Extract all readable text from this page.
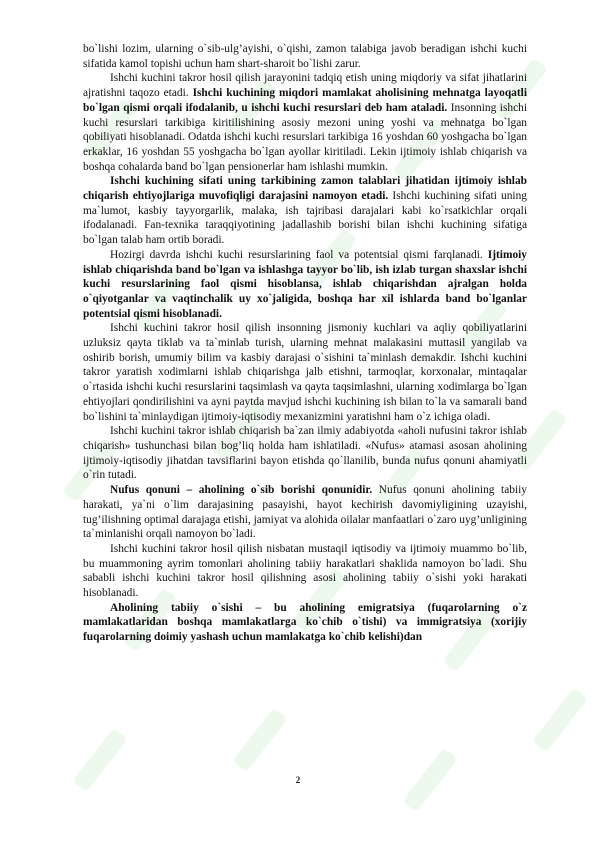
bo`lishi lozim, ularning o`sib-ulg’ayishi, o`qishi, zamon talabiga javob beradigan ishchi kuchi sifatida kamol topishi uchun ham shart-sharoit bo`lishi zarur.

Ishchi kuchini takror hosil qilish jarayonini tadqiq etish uning miqdoriy va sifat jihatlarini ajratishni taqozo etadi. Ishchi kuchining miqdori mamlakat aholisining mehnatga layoqatli bo`lgan qismi orqali ifodalanib, u ishchi kuchi resurslari deb ham ataladi. Insonning ishchi kuchi resurslari tarkibiga kiritilishining asosiy mezoni uning yoshi va mehnatga bo`lgan qobiliyati hisoblanadi. Odatda ishchi kuchi resurslari tarkibiga 16 yoshdan 60 yoshgacha bo`lgan erkaklar, 16 yoshdan 55 yoshgacha bo`lgan ayollar kiritiladi. Lekin ijtimoiy ishlab chiqarish va boshqa cohalarda band bo`lgan pensionerlar ham ishlashi mumkin.

Ishchi kuchining sifati uning tarkibining zamon talablari jihatidan ijtimoiy ishlab chiqarish ehtiyojlariga muvofiqligi darajasini namoyon etadi. Ishchi kuchining sifati uning ma`lumot, kasbiy tayyorgarlik, malaka, ish tajribasi darajalari kabi ko`rsatkichlar orqali ifodalanadi. Fan-texnika taraqqiyotining jadallashib borishi bilan ishchi kuchining sifatiga bo`lgan talab ham ortib boradi.

Hozirgi davrda ishchi kuchi resurslarining faol va potentsial qismi farqlanadi. Ijtimoiy ishlab chiqarishda band bo`lgan va ishlashga tayyor bo`lib, ish izlab turgan shaxslar ishchi kuchi resurslarining faol qismi hisoblansa, ishlab chiqarishdan ajralgan holda o`qiyotganlar va vaqtinchalik uy xo`jaligida, boshqa har xil ishlarda band bo`lganlar potentsial qismi hisoblanadi.

Ishchi kuchini takror hosil qilish insonning jismoniy kuchlari va aqliy qobiliyatlarini uzluksiz qayta tiklab va ta`minlab turish, ularning mehnat malakasini muttasil yangilab va oshirib borish, umumiy bilim va kasbiy darajasi o`sishini ta`minlash demakdir. Ishchi kuchini takror yaratish xodimlarni ishlab chiqarishga jalb etishni, tarmoqlar, korxonalar, mintaqalar o`rtasida ishchi kuchi resurslarini taqsimlash va qayta taqsimlashni, ularning xodimlarga bo`lgan ehtiyojlari qondirilishini va ayni paytda mavjud ishchi kuchining ish bilan to`la va samarali band bo`lishini ta`minlaydigan ijtimoiy-iqtisodiy mexanizmini yaratishni ham o`z ichiga oladi.

Ishchi kuchini takror ishlab chiqarish ba`zan ilmiy adabiyotda «aholi nufusini takror ishlab chiqarish» tushunchasi bilan bog’liq holda ham ishlatiladi. «Nufus» atamasi asosan aholining ijtimoiy-iqtisodiy jihatdan tavsiflarini bayon etishda qo`llanilib, bunda nufus qonuni ahamiyatli o`rin tutadi.

Nufus qonuni – aholining o`sib borishi qonunidir. Nufus qonuni aholining tabiiy harakati, ya`ni o`lim darajasining pasayishi, hayot kechirish davomiyligining uzayishi, tug’ilishning optimal darajaga etishi, jamiyat va alohida oilalar manfaatlari o`zaro uyg’unligining ta`minlanishi orqali namoyon bo`ladi.

Ishchi kuchini takror hosil qilish nisbatan mustaqil iqtisodiy va ijtimoiy muammo bo`lib, bu muammoning ayrim tomonlari aholining tabiiy harakatlari shaklida namoyon bo`ladi. Shu sababli ishchi kuchini takror hosil qilishning asosi aholining tabiiy o`sishi yoki harakati hisoblanadi.

Aholining tabiiy o`sishi – bu aholining emigratsiya (fuqarolarning o`z mamlakatlaridan boshqa mamlakatlarga ko`chib o`tishi) va immigratsiya (xorijiy fuqarolarning doimiy yashash uchun mamlakatga ko`chib kelishi)dan

2
